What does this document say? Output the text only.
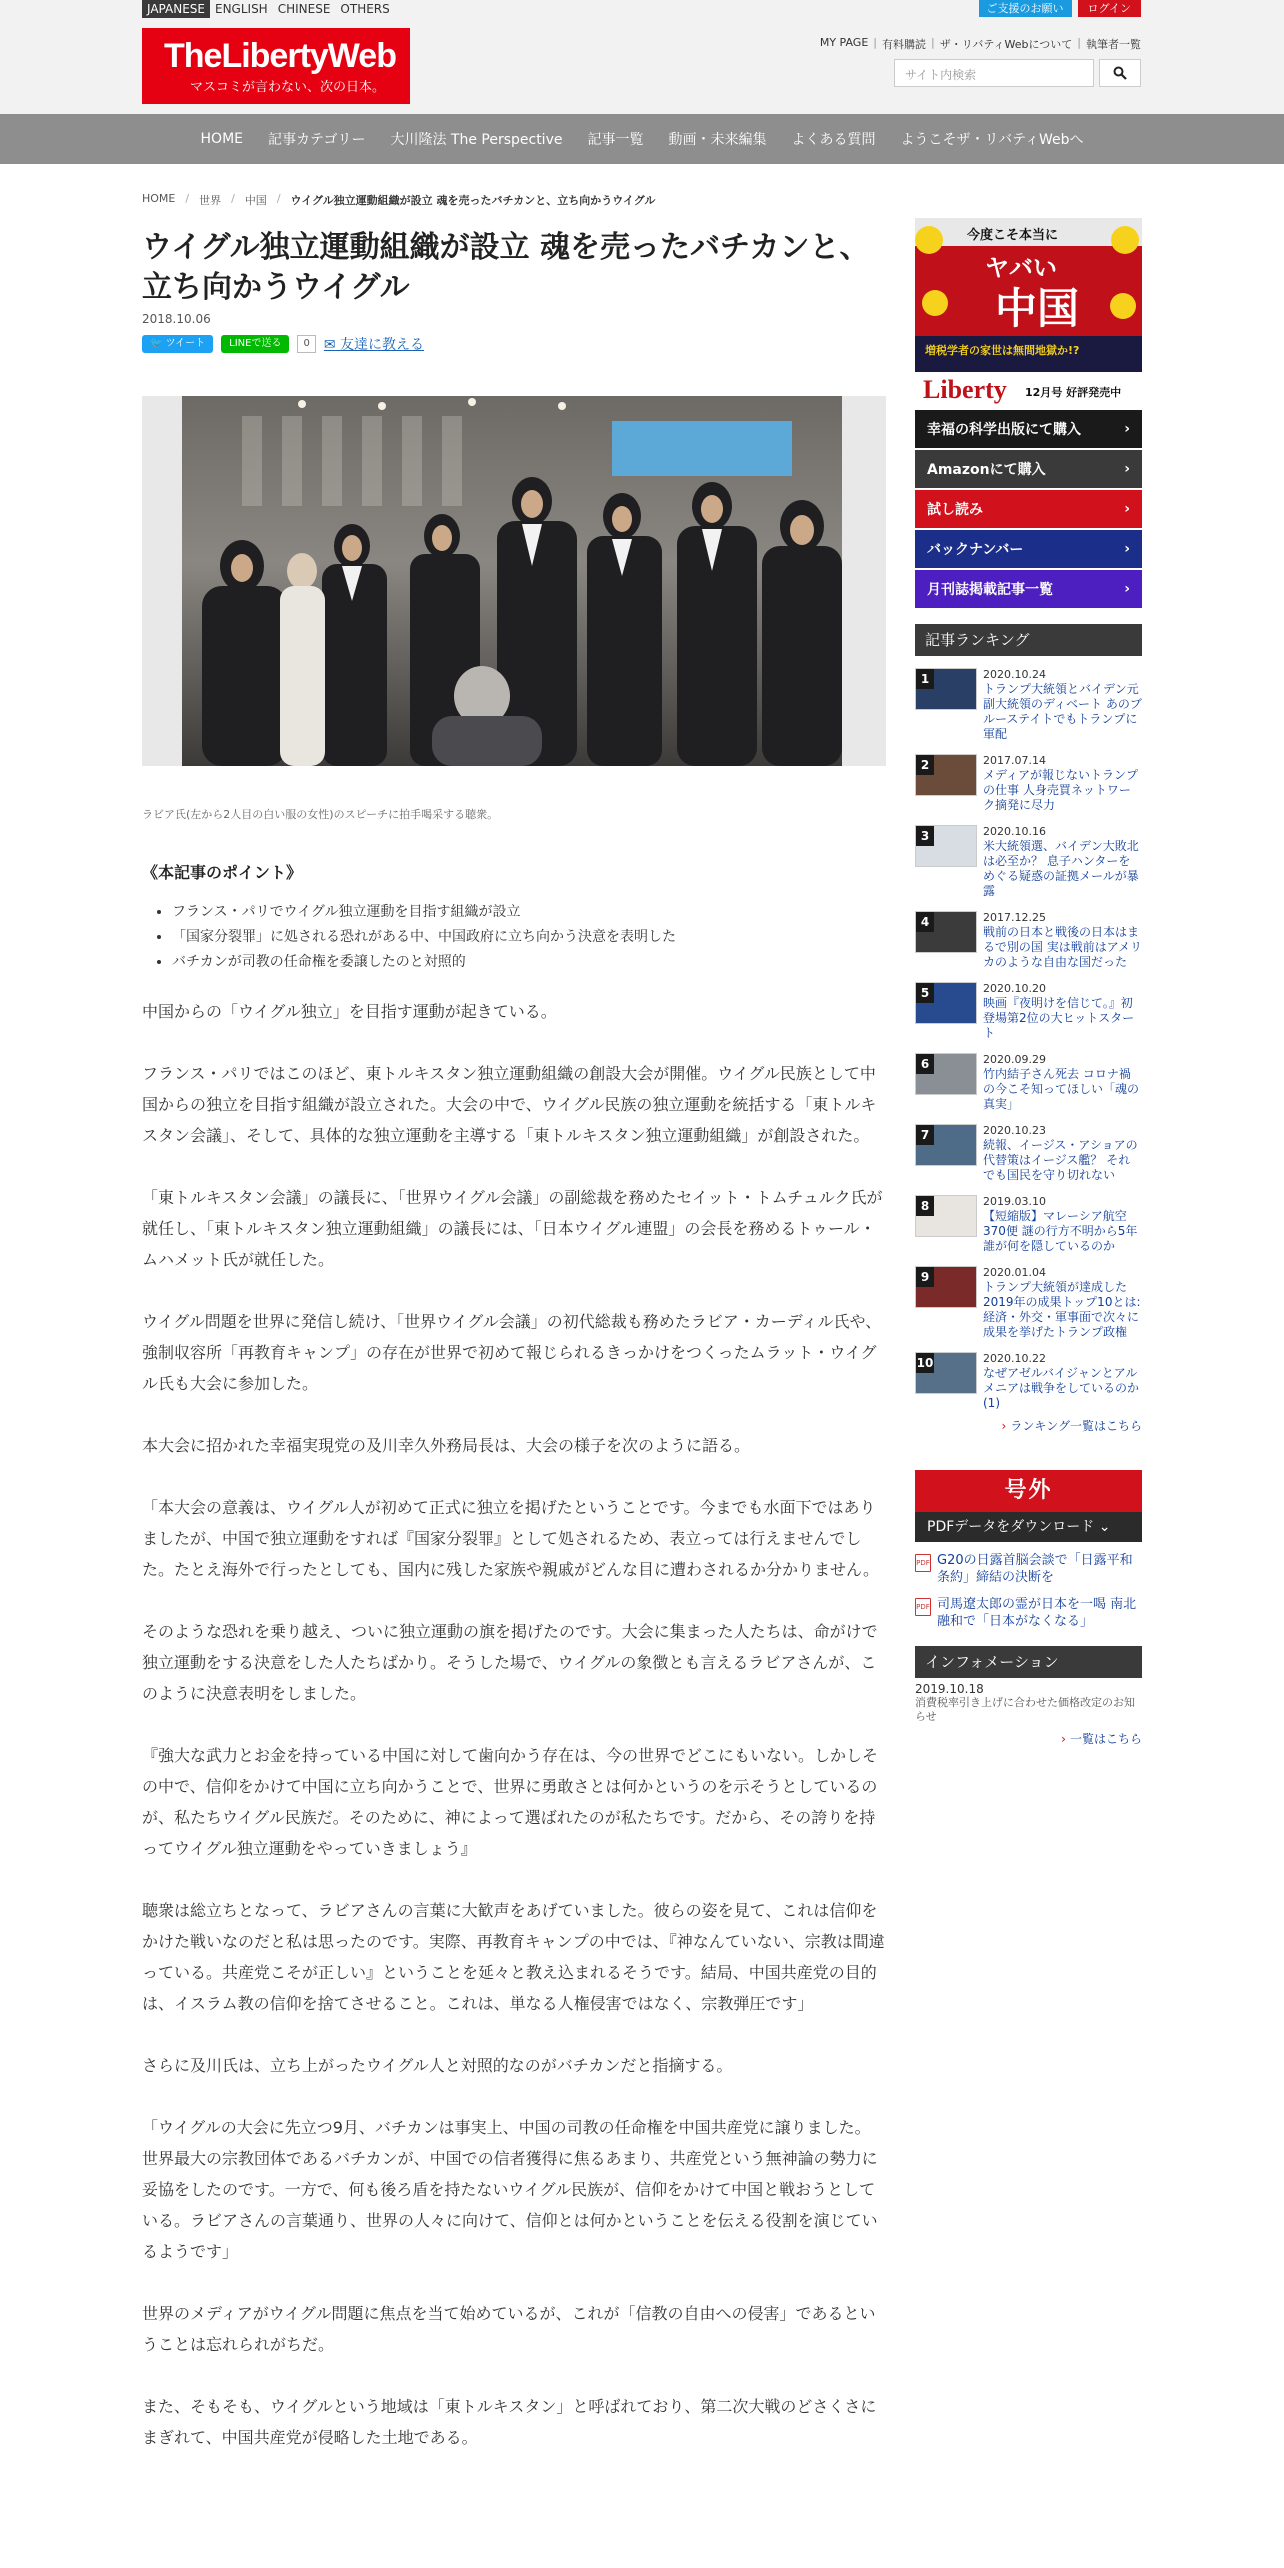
JAPANESE ENGLISH CHINESE OTHERS	ご支援のお願い	ログイン
TheLibertyWeb
マスコミが言わない、次の日本。
MY PAGE | 有料購読 | ザ・リバティWebについて | 執筆者一覧
サイト内検索
HOME 記事カテゴリー 大川隆法 The Perspective 記事一覧 動画・未来編集 よくある質問 ようこそザ・リバティWebへ
HOME / 世界 / 中国 / ウイグル独立運動組織が設立 魂を売ったバチカンと、立ち向かうウイグル
ウイグル独立運動組織が設立 魂を売ったバチカンと、立ち向かうウイグル
2018.10.06
🐦 ツイート	LINEで送る	0	✉ 友達に教える
ラビア氏(左から2人目の白い服の女性)のスピーチに拍手喝采する聴衆。
《本記事のポイント》
• フランス・パリでウイグル独立運動を目指す組織が設立
• 「国家分裂罪」に処される恐れがある中、中国政府に立ち向かう決意を表明した
• バチカンが司教の任命権を委譲したのと対照的

中国からの「ウイグル独立」を目指す運動が起きている。

フランス・パリではこのほど、東トルキスタン独立運動組織の創設大会が開催。ウイグル民族として中国からの独立を目指す組織が設立された。大会の中で、ウイグル民族の独立運動を統括する「東トルキスタン会議」、そして、具体的な独立運動を主導する「東トルキスタン独立運動組織」が創設された。

「東トルキスタン会議」の議長に、「世界ウイグル会議」の副総裁を務めたセイット・トムチュルク氏が就任し、「東トルキスタン独立運動組織」の議長には、「日本ウイグル連盟」の会長を務めるトゥール・ムハメット氏が就任した。

ウイグル問題を世界に発信し続け、「世界ウイグル会議」の初代総裁も務めたラビア・カーディル氏や、強制収容所「再教育キャンプ」の存在が世界で初めて報じられるきっかけをつくったムラット・ウイグル氏も大会に参加した。

本大会に招かれた幸福実現党の及川幸久外務局長は、大会の様子を次のように語る。

「本大会の意義は、ウイグル人が初めて正式に独立を掲げたということです。今までも水面下ではありましたが、中国で独立運動をすれば『国家分裂罪』として処されるため、表立っては行えませんでした。たとえ海外で行ったとしても、国内に残した家族や親戚がどんな目に遭わされるか分かりません。

そのような恐れを乗り越え、ついに独立運動の旗を掲げたのです。大会に集まった人たちは、命がけで独立運動をする決意をした人たちばかり。そうした場で、ウイグルの象徴とも言えるラビアさんが、このように決意表明をしました。

『強大な武力とお金を持っている中国に対して歯向かう存在は、今の世界でどこにもいない。しかしその中で、信仰をかけて中国に立ち向かうことで、世界に勇敢さとは何かというのを示そうとしているのが、私たちウイグル民族だ。そのために、神によって選ばれたのが私たちです。だから、その誇りを持ってウイグル独立運動をやっていきましょう』

聴衆は総立ちとなって、ラビアさんの言葉に大歓声をあげていました。彼らの姿を見て、これは信仰をかけた戦いなのだと私は思ったのです。実際、再教育キャンプの中では、『神なんていない、宗教は間違っている。共産党こそが正しい』ということを延々と教え込まれるそうです。結局、中国共産党の目的は、イスラム教の信仰を捨てさせること。これは、単なる人権侵害ではなく、宗教弾圧です」

さらに及川氏は、立ち上がったウイグル人と対照的なのがバチカンだと指摘する。

「ウイグルの大会に先立つ9月、バチカンは事実上、中国の司教の任命権を中国共産党に譲りました。世界最大の宗教団体であるバチカンが、中国での信者獲得に焦るあまり、共産党という無神論の勢力に妥協をしたのです。一方で、何も後ろ盾を持たないウイグル民族が、信仰をかけて中国と戦おうとしている。ラビアさんの言葉通り、世界の人々に向けて、信仰とは何かということを伝える役割を演じているようです」

世界のメディアがウイグル問題に焦点を当て始めているが、これが「信教の自由への侵害」であるということは忘れられがちだ。

また、そもそも、ウイグルという地域は「東トルキスタン」と呼ばれており、第二次大戦のどさくさにまぎれて、中国共産党が侵略した土地である。

今度こそ本当に
ヤバい
中国
増税学者の家世は無間地獄か!?
Liberty 12月号 好評発売中
幸福の科学出版にて購入	›
Amazonにて購入	›
試し読み	›
バックナンバー	›
月刊誌掲載記事一覧	›
記事ランキング
1	2020.10.24
トランプ大統領とバイデン元副大統領のディベート あのブルーステイトでもトランプに軍配
2	2017.07.14
メディアが報じないトランプの仕事 人身売買ネットワーク摘発に尽力
3	2020.10.16
米大統領選、バイデン大敗北は必至か？ 息子ハンターをめぐる疑惑の証拠メールが暴露
4	2017.12.25
戦前の日本と戦後の日本はまるで別の国 実は戦前はアメリカのような自由な国だった
5	2020.10.20
映画『夜明けを信じて。』初登場第2位の大ヒットスタート
6	2020.09.29
竹内結子さん死去 コロナ禍の今こそ知ってほしい「魂の真実」
7	2020.10.23
続報、イージス・アショアの代替策はイージス艦？ それでも国民を守り切れない
8	2019.03.10
【短縮版】マレーシア航空370便 謎の行方不明から5年 誰が何を隠しているのか
9	2020.01.04
トランプ大統領が達成した2019年の成果トップ10とは: 経済・外交・軍事面で次々に成果を挙げたトランプ政権
10	2020.10.22
なぜアゼルバイジャンとアルメニアは戦争をしているのか (1)
› ランキング一覧はこちら
号外
PDFデータをダウンロード ⌄
PDF G20の日露首脳会談で「日露平和条約」締結の決断を
PDF 司馬遼太郎の霊が日本を一喝 南北融和で「日本がなくなる」
インフォメーション
2019.10.18
消費税率引き上げに合わせた価格改定のお知らせ
› 一覧はこちら
